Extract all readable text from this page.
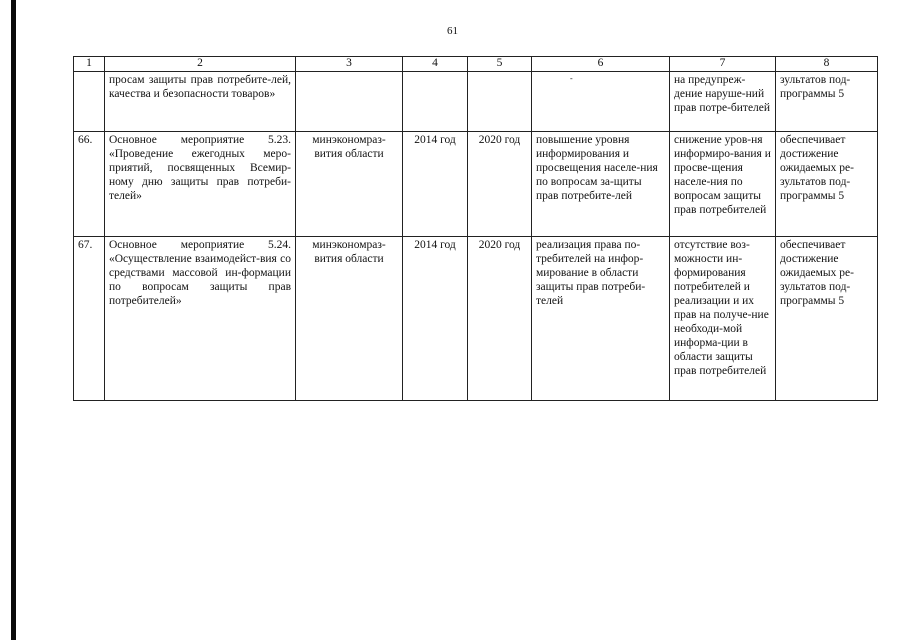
61
1	2	3	4	5	6	7	8
	просам защиты прав потребите-лей, качества и безопасности товаров»				-	на предупреж-дение наруше-ний прав потре-бителей	зультатов под-программы 5
66.	Основное мероприятие 5.23. «Проведение ежегодных меро-приятий, посвященных Всемир-ному дню защиты прав потреби-телей»	минэкономраз-вития области	2014 год	2020 год	повышение уровня информирования и просвещения населе-ния по вопросам за-щиты прав потребите-лей	снижение уров-ня информиро-вания и просве-щения населе-ния по вопросам защиты прав потребителей	обеспечивает достижение ожидаемых ре-зультатов под-программы 5
67.	Основное мероприятие 5.24. «Осуществление взаимодейст-вия со средствами массовой ин-формации по вопросам защиты прав потребителей»	минэкономраз-вития области	2014 год	2020 год	реализация права по-требителей на инфор-мирование в области защиты прав потреби-телей	отсутствие воз-можности ин-формирования потребителей и реализации и их прав на получе-ние необходи-мой информа-ции в области защиты прав потребителей	обеспечивает достижение ожидаемых ре-зультатов под-программы 5
